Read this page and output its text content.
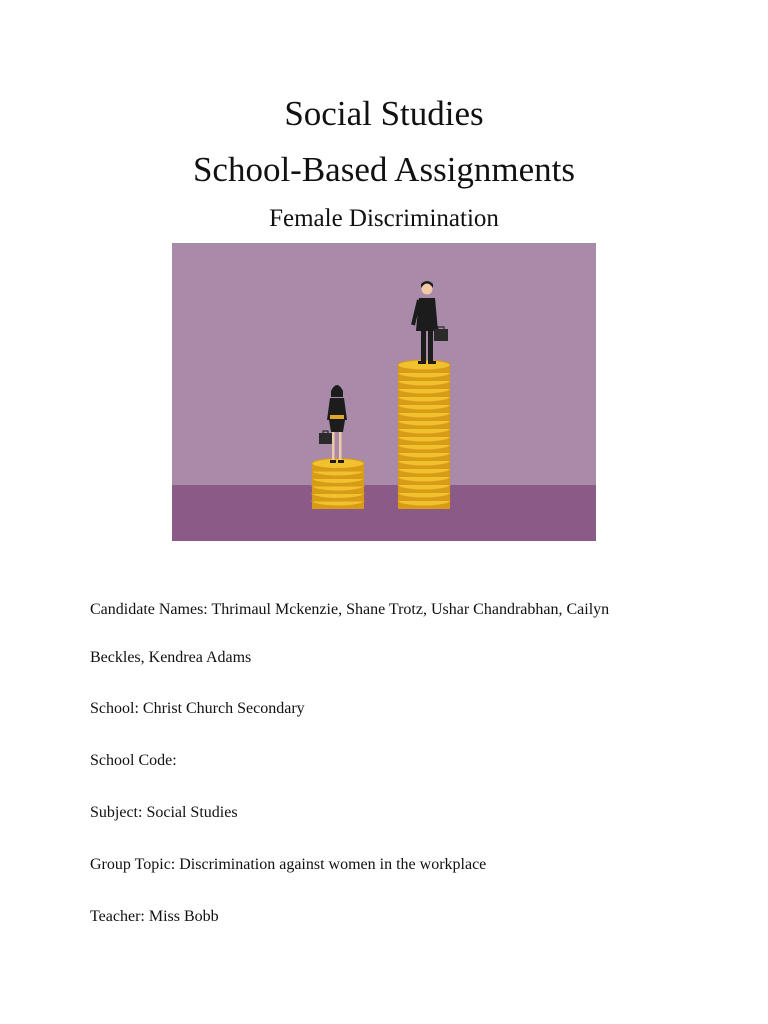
Social Studies
School-Based Assignments
Female Discrimination
Candidate Names: Thrimaul Mckenzie, Shane Trotz, Ushar Chandrabhan, Cailyn
Beckles, Kendrea Adams
School: Christ Church Secondary
School Code:
Subject: Social Studies
Group Topic: Discrimination against women in the workplace
Teacher: Miss Bobb
